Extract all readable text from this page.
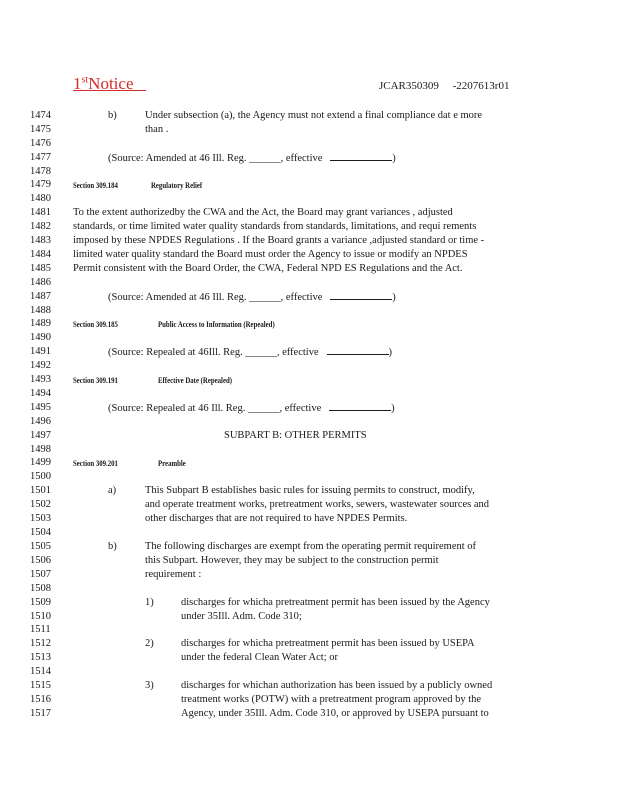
1stNotice	JCAR350309     -2207613r01
1474
1475
1476
1477
1478
1479
1480
1481
1482
1483
1484
1485
1486
1487
1488
1489
1490
1491
1492
1493
1494
1495
1496
1497
1498
1499
1500
1501
1502
1503
1504
1505
1506
1507
1508
1509
1510
1511
1512
1513
1514
1515
1516
1517
b)	Under subsection (a), the Agency must not extend a final compliance dat e more
than .
(Source: Amended at 46 Ill. Reg. ______, effective	)
Section 309.184	Regulatory Relief
To the extent authorizedby the CWA and the Act, the Board may grant variances , adjusted
standards, or time limited water quality standards from standards, limitations, and requi rements
imposed by these NPDES Regulations . If the Board grants a variance ,adjusted standard or time -
limited water quality standard the Board must order the Agency to issue or modify an NPDES
Permit consistent with the Board Order, the CWA, Federal NPD ES Regulations and the Act.
(Source: Amended at 46 Ill. Reg. ______, effective	)
Section 309.185	Public Access to Information (Repealed)
(Source: Repealed at 46Ill. Reg. ______, effective	)
Section 309.191	Effective Date (Repealed)
(Source: Repealed at 46 Ill. Reg. ______, effective	)
SUBPART B: OTHER PERMITS
Section 309.201	Preamble
a)	This Subpart B establishes basic rules for issuing permits to construct, modify,
and operate treatment works, pretreatment works, sewers, wastewater sources and
other discharges that are not required to have NPDES Permits.
b)	The following discharges are exempt from the operating permit requirement of
this Subpart. However, they may be subject to the construction permit
requirement :
1)	discharges for whicha pretreatment permit has been issued by the Agency
under 35Ill. Adm. Code 310;
2)	discharges for whicha pretreatment permit has been issued by USEPA
under the federal Clean Water Act; or
3)	discharges for whichan authorization has been issued by a publicly owned
treatment works (POTW) with a pretreatment program approved by the
Agency, under 35Ill. Adm. Code 310, or approved by USEPA pursuant to
